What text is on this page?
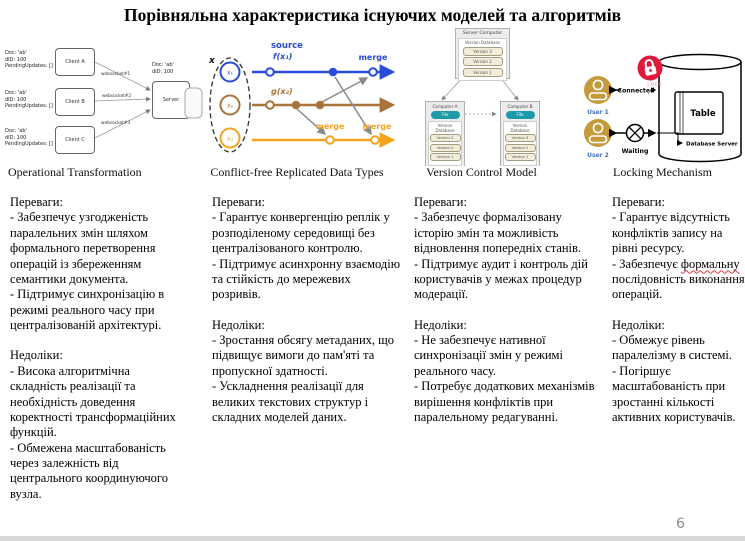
Порівняльна характеристика існуючих моделей та алгоритмів
websocket#1
websocket#2
websocket#3
Doc: 'ab'
dID: 100
PendingUpdates: []
Doc: 'ab'
dID: 100
PendingUpdates: []
Doc: 'ab'
dID: 100
PendingUpdates: []
Client A
Client B
Client C
Doc: 'ab'
dID: 100
Server
x
x₁
x₂
x₃
source
f(x₁)
g(x₂)
merge
merge merge
Server Computer
Version Database
Version 3
Version 2
Version 1
Computer A
File
Version Database
Version 3
Version 2
Version 1
Computer B
File
Version Database
Version 3
Version 2
Version 1
Table
User 1
User 2
Connected
LOCK
Waiting
Database Server
Operational Transformation	Conflict-free Replicated Data Types	Version Control Model	Locking Mechanism
Переваги:
- Забезпечує узгодженість паралельних змін шляхом формального перетворення операцій із збереженням семантики документа.
- Підтримує синхронізацію в режимі реального часу при централізованій архітектурі.
Недоліки:
- Висока алгоритмічна складність реалізації та необхідність доведення коректності трансформаційних функцій.
- Обмежена масштабованість через залежність від центрального координуючого вузла.
Переваги:
- Гарантує конвергенцію реплік у розподіленому середовищі без централізованого контролю.
- Підтримує асинхронну взаємодію та стійкість до мережевих розривів.
Недоліки:
- Зростання обсягу метаданих, що підвищує вимоги до пам'яті та пропускної здатності.
- Ускладнення реалізації для великих текстових структур і складних моделей даних.
Переваги:
- Забезпечує формалізовану історію змін та можливість відновлення попередніх станів.
- Підтримує аудит і контроль дій користувачів у межах процедур модерації.
Недоліки:
- Не забезпечує нативної синхронізації змін у режимі реального часу.
- Потребує додаткових механізмів вирішення конфліктів при паралельному редагуванні.
Переваги:
- Гарантує відсутність конфліктів запису на рівні ресурсу.
- Забезпечує формальну послідовність виконання операцій.
Недоліки:
- Обмежує рівень паралелізму в системі.
- Погіршує масштабованість при зростанні кількості активних користувачів.
6
